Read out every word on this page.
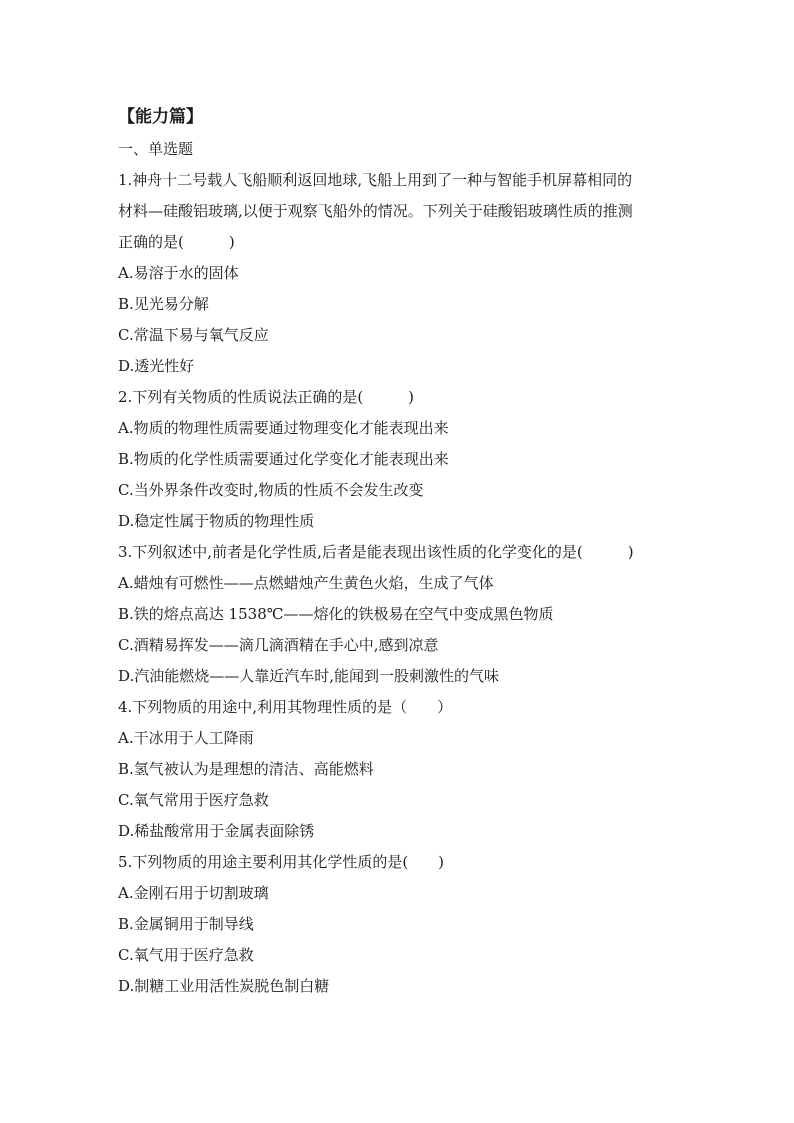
【能力篇】
一、单选题
1.神舟十二号载人飞船顺利返回地球,飞船上用到了一种与智能手机屏幕相同的
材料—硅酸铝玻璃,以便于观察飞船外的情况。下列关于硅酸铝玻璃性质的推测
正确的是(　　　)
A.易溶于水的固体
B.见光易分解
C.常温下易与氧气反应
D.透光性好
2.下列有关物质的性质说法正确的是(　　　)
A.物质的物理性质需要通过物理变化才能表现出来
B.物质的化学性质需要通过化学变化才能表现出来
C.当外界条件改变时,物质的性质不会发生改变
D.稳定性属于物质的物理性质
3.下列叙述中,前者是化学性质,后者是能表现出该性质的化学变化的是(　　　)
A.蜡烛有可燃性——点燃蜡烛产生黄色火焰，生成了气体
B.铁的熔点高达 1538℃——熔化的铁极易在空气中变成黑色物质
C.酒精易挥发——滴几滴酒精在手心中,感到凉意
D.汽油能燃烧——人靠近汽车时,能闻到一股刺激性的气味
4.下列物质的用途中,利用其物理性质的是（　　）
A.干冰用于人工降雨
B.氢气被认为是理想的清洁、高能燃料
C.氧气常用于医疗急救
D.稀盐酸常用于金属表面除锈
5.下列物质的用途主要利用其化学性质的是(　　)
A.金刚石用于切割玻璃
B.金属铜用于制导线
C.氧气用于医疗急救
D.制糖工业用活性炭脱色制白糖
